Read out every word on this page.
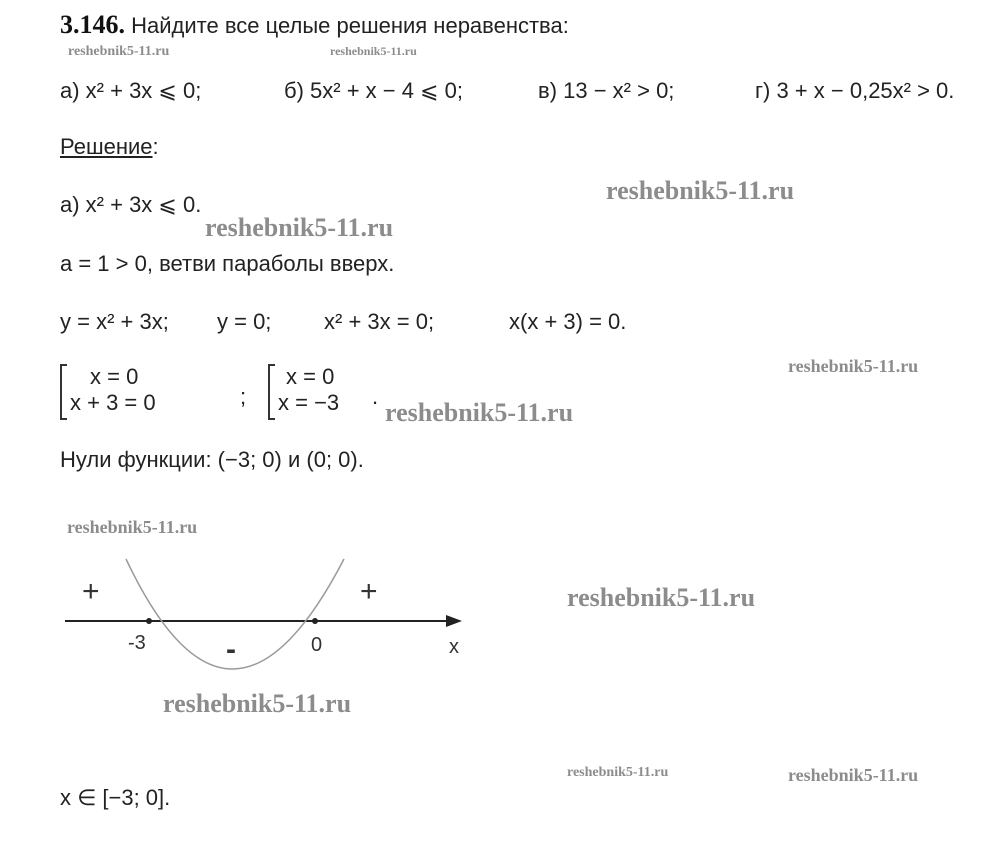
3.146. Найдите все целые решения неравенства:
а) x² + 3x ⩽ 0;	б) 5x² + x − 4 ⩽ 0;	в) 13 − x² > 0;	г) 3 + x − 0,25x² > 0.
Решение:
а) x² + 3x ⩽ 0.
a = 1 > 0, ветви параболы вверх.
y = x² + 3x; y = 0; x² + 3x = 0;	x(x + 3) = 0.
x = 0
x + 3 = 0	;
x = 0
x = −3 .
Нули функции: (−3; 0) и (0; 0).
+	+
-
-3	0	x
x ∈ [−3; 0].
reshebnik5-11.ru	reshebnik5-11.ru
reshebnik5-11.ru
reshebnik5-11.ru
reshebnik5-11.ru
reshebnik5-11.ru
reshebnik5-11.ru
reshebnik5-11.ru
reshebnik5-11.ru
reshebnik5-11.ru	reshebnik5-11.ru
